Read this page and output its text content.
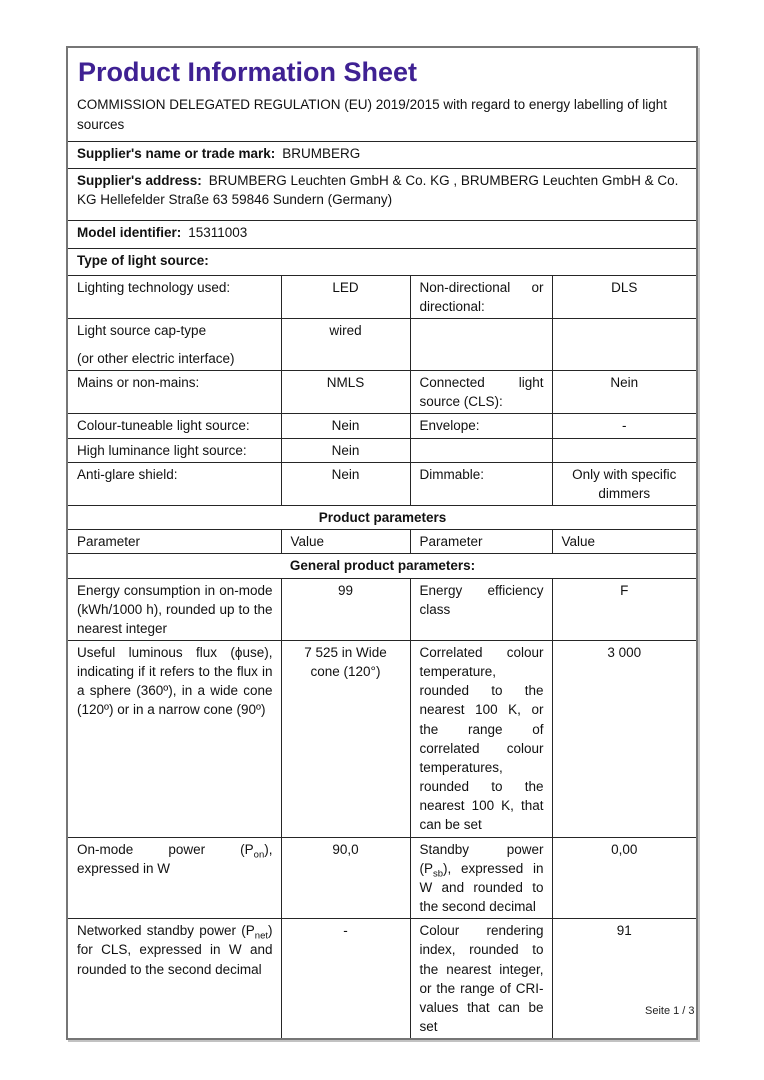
Product Information Sheet
COMMISSION DELEGATED REGULATION (EU) 2019/2015 with regard to energy labelling of light sources			

Supplier's name or trade mark: BRUMBERG			
Supplier's address: BRUMBERG Leuchten GmbH & Co. KG , BRUMBERG Leuchten GmbH & Co. KG Hellefelder Straße 63 59846 Sundern (Germany)			
Model identifier: 15311003			
Type of light source:			
Lighting technology used:	LED	Non-directional or directional:	DLS

Light source cap-type
(or other electric interface)	wired		
Mains or non-mains:	NMLS	Connected light source (CLS):	Nein
Colour-tuneable light source:	Nein	Envelope:	-
High luminance light source:	Nein		
Anti-glare shield:	Nein	Dimmable:	Only with specific dimmers

Product parameters			
Parameter	Value	Parameter	Value
General product parameters:			
Energy consumption in on-mode (kWh/1000 h), rounded up to the nearest integer	99	Energy efficiency class	F
Useful luminous flux (ϕuse), indicating if it refers to the flux in a sphere (360º), in a wide cone (120º) or in a narrow cone (90º)	7 525 in Wide cone (120°)	Correlated colour temperature, rounded to the nearest 100 K, or the range of correlated colour temperatures, rounded to the nearest 100 K, that can be set	3 000
On-mode power $(P_{on})$, expressed in W	90,0	Standby power $(P_{sb})$, expressed in W and rounded to the second decimal	0,00
Networked standby power $(P_{net})$ for CLS, expressed in W and rounded to the second decimal	-	Colour rendering index, rounded to the nearest integer, or the range of CRI-values that can be set	91
Seite 1 / 3
